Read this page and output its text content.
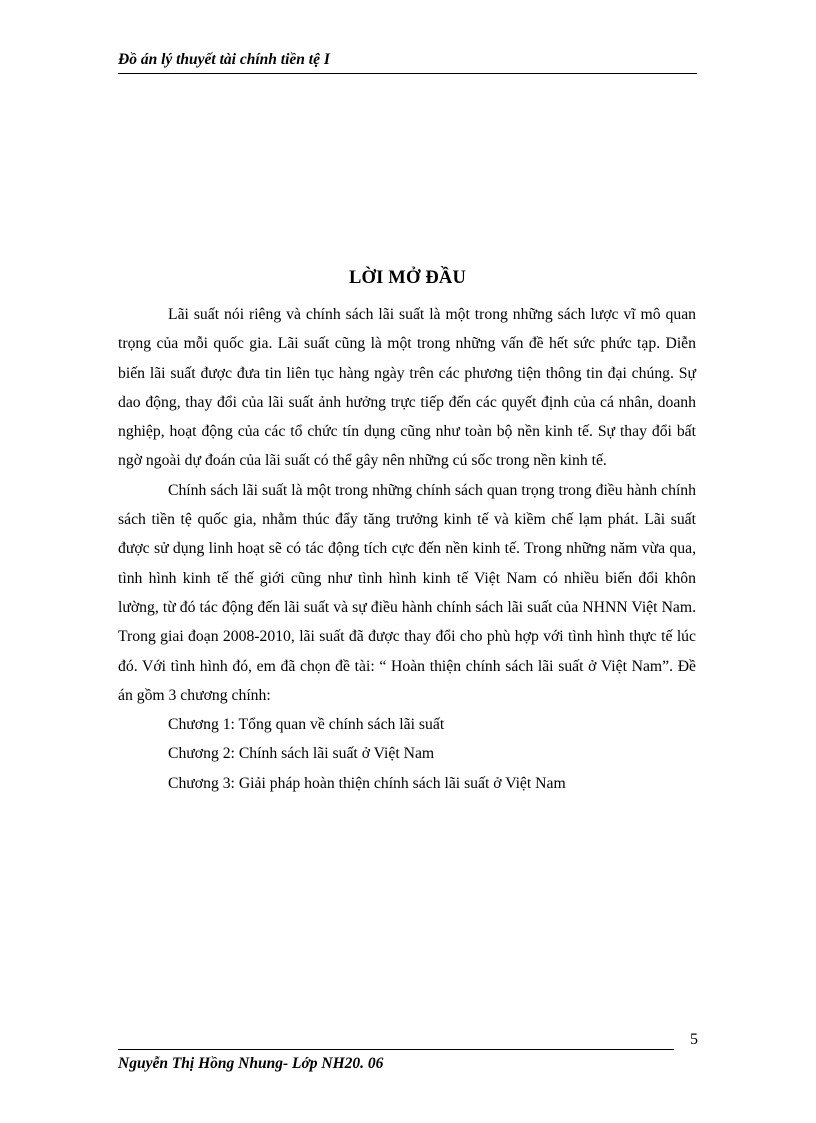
Đồ án lý thuyết tài chính tiền tệ I
LỜI MỞ ĐẦU

Lãi suất nói riêng và chính sách lãi suất là một trong những sách lược vĩ mô quan trọng của mỗi quốc gia. Lãi suất cũng là một trong những vấn đề hết sức phức tạp. Diễn biến lãi suất được đưa tin liên tục hàng ngày trên các phương tiện thông tin đại chúng. Sự dao động, thay đổi của lãi suất ảnh hưởng trực tiếp đến các quyết định của cá nhân, doanh nghiệp, hoạt động của các tổ chức tín dụng cũng như toàn bộ nền kinh tế. Sự thay đổi bất ngờ ngoài dự đoán của lãi suất có thể gây nên những cú sốc trong nền kinh tế.

Chính sách lãi suất là một trong những chính sách quan trọng trong điều hành chính sách tiền tệ quốc gia, nhằm thúc đẩy tăng trưởng kinh tế và kiềm chế lạm phát. Lãi suất được sử dụng linh hoạt sẽ có tác động tích cực đến nền kinh tế. Trong những năm vừa qua, tình hình kinh tế thế giới cũng như tình hình kinh tế Việt Nam có nhiều biến đổi khôn lường, từ đó tác động đến lãi suất và sự điều hành chính sách lãi suất của NHNN Việt Nam. Trong giai đoạn 2008-2010, lãi suất đã được thay đổi cho phù hợp với tình hình thực tế lúc đó. Với tình hình đó, em đã chọn đề tài: “ Hoàn thiện chính sách lãi suất ở Việt Nam”. Đề án gồm 3 chương chính:

Chương 1: Tổng quan về chính sách lãi suất
Chương 2: Chính sách lãi suất ở Việt Nam
Chương 3: Giải pháp hoàn thiện chính sách lãi suất ở Việt Nam
5
Nguyễn Thị Hồng Nhung- Lớp NH20. 06
